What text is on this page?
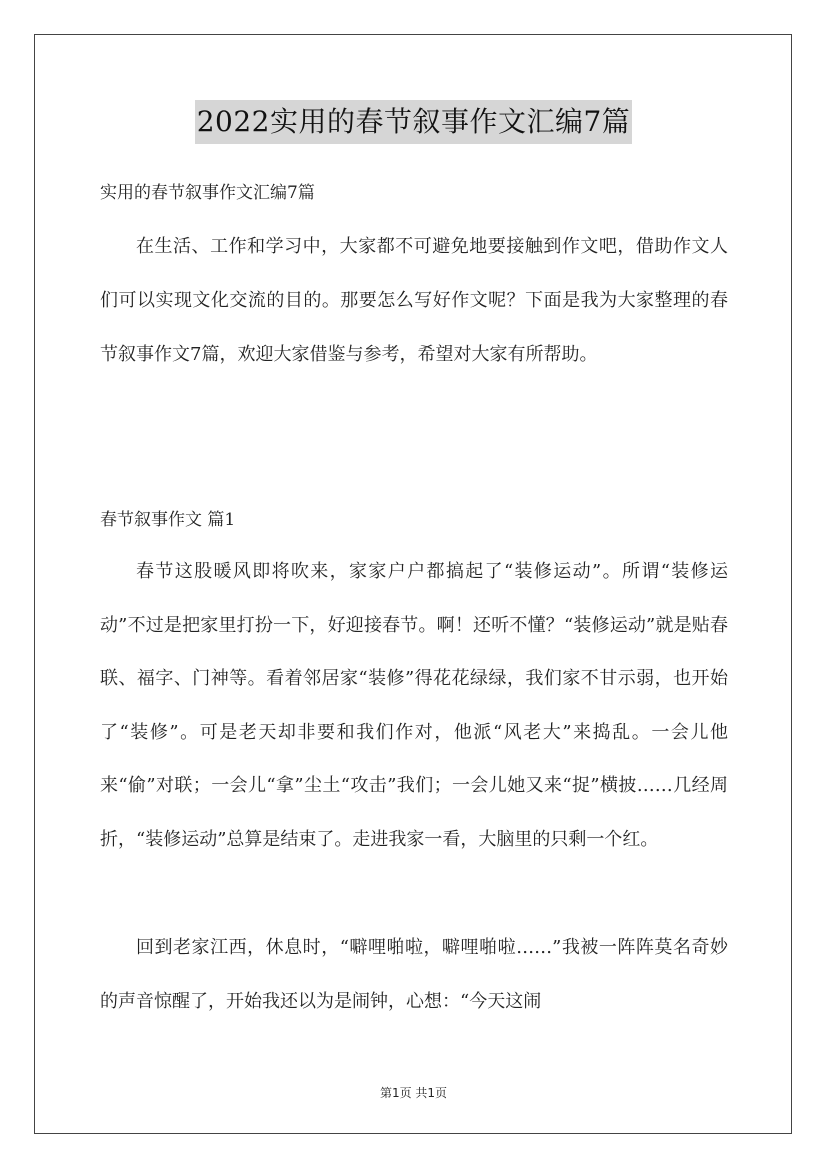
2022实用的春节叙事作文汇编7篇
实用的春节叙事作文汇编7篇

在生活、工作和学习中，大家都不可避免地要接触到作文吧，借助作文人们可以实现文化交流的目的。那要怎么写好作文呢？下面是我为大家整理的春节叙事作文7篇，欢迎大家借鉴与参考，希望对大家有所帮助。

春节叙事作文 篇1

春节这股暖风即将吹来，家家户户都搞起了“装修运动”。所谓“装修运动”不过是把家里打扮一下，好迎接春节。啊！还听不懂？“装修运动”就是贴春联、福字、门神等。看着邻居家“装修”得花花绿绿，我们家不甘示弱，也开始了“装修”。可是老天却非要和我们作对，他派“风老大”来捣乱。一会儿他来“偷”对联；一会儿“拿”尘土“攻击”我们；一会儿她又来“捉”横披……几经周折，“装修运动”总算是结束了。走进我家一看，大脑里的只剩一个红。

回到老家江西，休息时，“噼哩啪啦，噼哩啪啦……”我被一阵阵莫名奇妙的声音惊醒了，开始我还以为是闹钟，心想：“今天这闹

第1页 共1页
